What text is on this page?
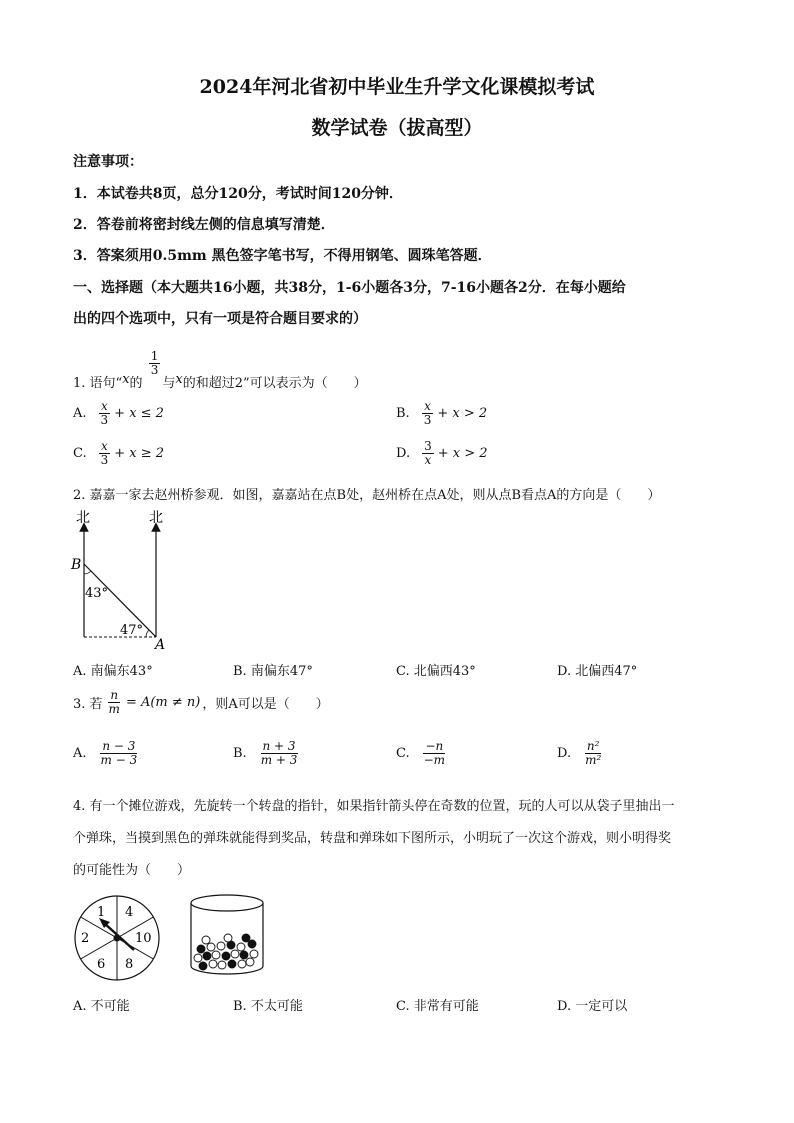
2024年河北省初中毕业生升学文化课模拟考试
数学试卷（拔高型）
注意事项：
1．本试卷共8页，总分120分，考试时间120分钟．
2．答卷前将密封线左侧的信息填写清楚．
3．答案须用0.5mm 黑色签字笔书写，不得用钢笔、圆珠笔答题．
一、选择题（本大题共16小题，共38分，1-6小题各3分，7-16小题各2分．在每小题给
出的四个选项中，只有一项是符合题目要求的）
1. 语句“x的
$\frac{1}{3}$
与x的和超过2”可以表示为（　　）
A. $\frac{x}{3} + x \le 2$	B. $\frac{x}{3} + x > 2$
C. $\frac{x}{3} + x \ge 2$	D. $\frac{3}{x} + x > 2$
2. 嘉嘉一家去赵州桥参观．如图，嘉嘉站在点B处，赵州桥在点A处，则从点B看点A的方向是（　　）
北	北
B
A
43°
47°
A. 南偏东43°	B. 南偏东47°	C. 北偏西43°	D. 北偏西47°
3. 若 $\frac{n}{m} = A(m \ne n)$ ，则A可以是（　　）
A. $\frac{n - 3}{m - 3}$	B. $\frac{n + 3}{m + 3}$	C. $\frac{-n}{-m}$	D. $\frac{\text{n²}}{\text{m²}}$
4. 有一个摊位游戏，先旋转一个转盘的指针，如果指针箭头停在奇数的位置，玩的人可以从袋子里抽出一
个弹珠，当摸到黑色的弹珠就能得到奖品，转盘和弹珠如下图所示，小明玩了一次这个游戏，则小明得奖
的可能性为（　　）
1 4
10
8
6
2
A. 不可能	B. 不太可能	C. 非常有可能	D. 一定可以
